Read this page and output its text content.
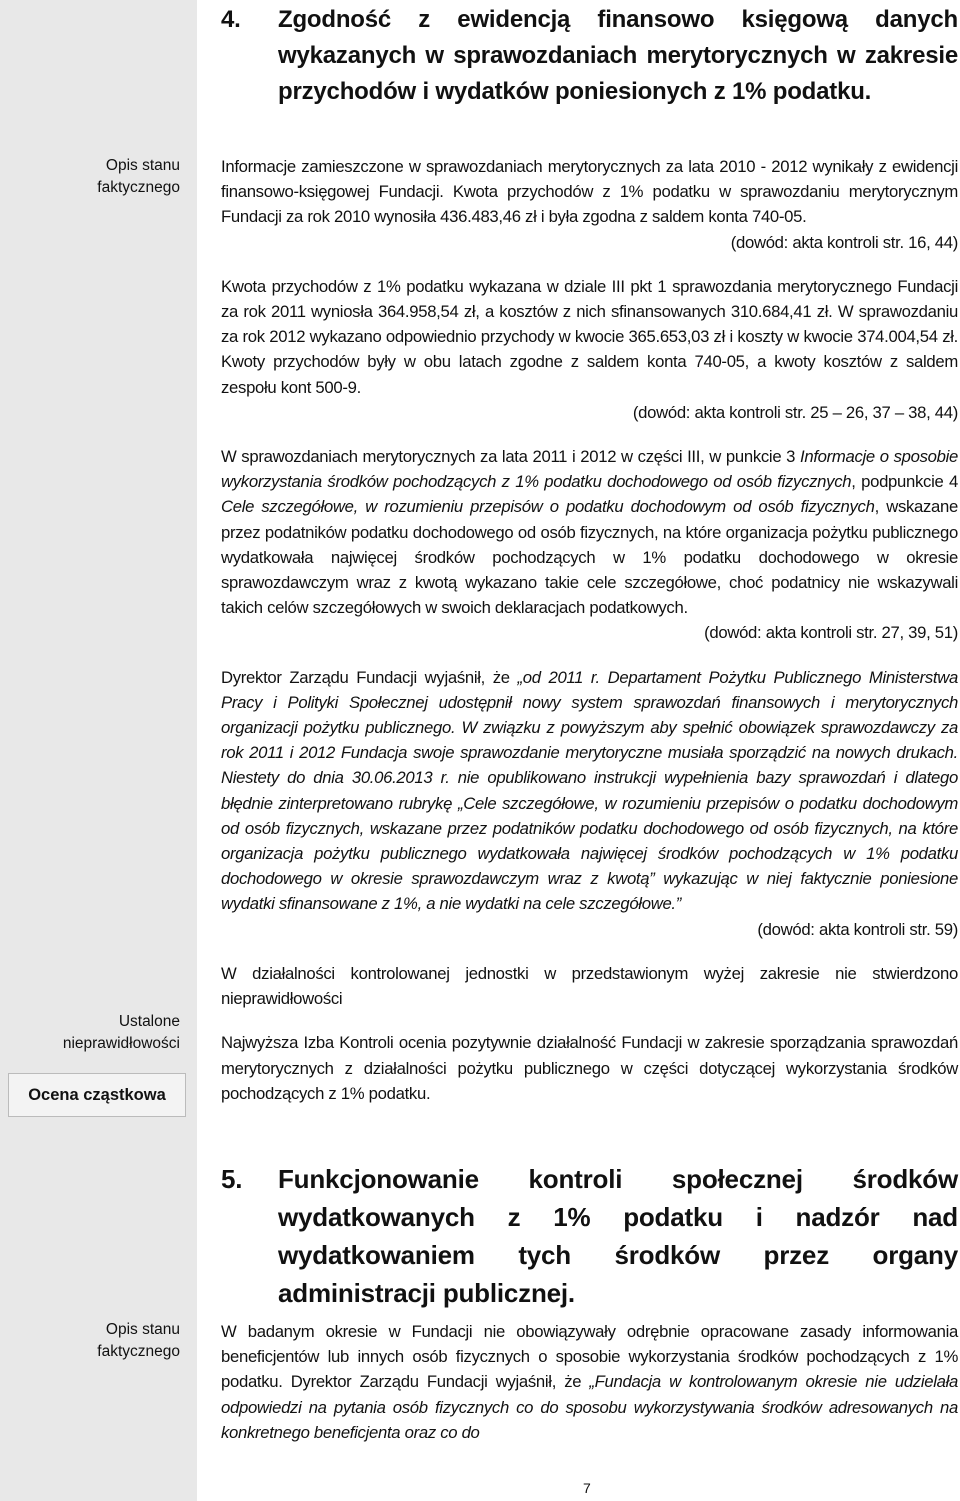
Opis stanu
faktycznego
Ustalone
nieprawidłowości
Ocena cząstkowa
Opis stanu
faktycznego
4. Zgodność z ewidencją finansowo księgową danych wykazanych w sprawozdaniach merytorycznych w zakresie przychodów i wydatków poniesionych z 1% podatku.

Informacje zamieszczone w sprawozdaniach merytorycznych za lata 2010 - 2012 wynikały z ewidencji finansowo-księgowej Fundacji. Kwota przychodów z 1% podatku w sprawozdaniu merytorycznym Fundacji za rok 2010 wynosiła 436.483,46 zł i była zgodna z saldem konta 740-05.

(dowód: akta kontroli str. 16, 44)

Kwota przychodów z 1% podatku wykazana w dziale III pkt 1 sprawozdania merytorycznego Fundacji za rok 2011 wyniosła 364.958,54 zł, a kosztów z nich sfinansowanych 310.684,41 zł. W sprawozdaniu za rok 2012 wykazano odpowiednio przychody w kwocie 365.653,03 zł i koszty w kwocie 374.004,54 zł. Kwoty przychodów były w obu latach zgodne z saldem konta 740-05, a kwoty kosztów z saldem zespołu kont 500-9.

(dowód: akta kontroli str. 25 – 26, 37 – 38, 44)

W sprawozdaniach merytorycznych za lata 2011 i 2012 w części III, w punkcie 3 Informacje o sposobie wykorzystania środków pochodzących z 1% podatku dochodowego od osób fizycznych, podpunkcie 4 Cele szczegółowe, w rozumieniu przepisów o podatku dochodowym od osób fizycznych, wskazane przez podatników podatku dochodowego od osób fizycznych, na które organizacja pożytku publicznego wydatkowała najwięcej środków pochodzących w 1% podatku dochodowego w okresie sprawozdawczym wraz z kwotą wykazano takie cele szczegółowe, choć podatnicy nie wskazywali takich celów szczegółowych w swoich deklaracjach podatkowych.

(dowód: akta kontroli str. 27, 39, 51)

Dyrektor Zarządu Fundacji wyjaśnił, że „od 2011 r. Departament Pożytku Publicznego Ministerstwa Pracy i Polityki Społecznej udostępnił nowy system sprawozdań finansowych i merytorycznych organizacji pożytku publicznego. W związku z powyższym aby spełnić obowiązek sprawozdawczy za rok 2011 i 2012 Fundacja swoje sprawozdanie merytoryczne musiała sporządzić na nowych drukach. Niestety do dnia 30.06.2013 r. nie opublikowano instrukcji wypełnienia bazy sprawozdań i dlatego błędnie zinterpretowano rubrykę „Cele szczegółowe, w rozumieniu przepisów o podatku dochodowym od osób fizycznych, wskazane przez podatników podatku dochodowego od osób fizycznych, na które organizacja pożytku publicznego wydatkowała najwięcej środków pochodzących w 1% podatku dochodowego w okresie sprawozdawczym wraz z kwotą” wykazując w niej faktycznie poniesione wydatki sfinansowane z 1%, a nie wydatki na cele szczegółowe.”

(dowód: akta kontroli str. 59)

W działalności kontrolowanej jednostki w przedstawionym wyżej zakresie nie stwierdzono nieprawidłowości

Najwyższa Izba Kontroli ocenia pozytywnie działalność Fundacji w zakresie sporządzania sprawozdań merytorycznych z działalności pożytku publicznego w części dotyczącej wykorzystania środków pochodzących z 1% podatku.

5. Funkcjonowanie kontroli społecznej środków wydatkowanych z 1% podatku i nadzór nad wydatkowaniem tych środków przez organy administracji publicznej.

W badanym okresie w Fundacji nie obowiązywały odrębnie opracowane zasady informowania beneficjentów lub innych osób fizycznych o sposobie wykorzystania środków pochodzących z 1% podatku. Dyrektor Zarządu Fundacji wyjaśnił, że „Fundacja w kontrolowanym okresie nie udzielała odpowiedzi na pytania osób fizycznych co do sposobu wykorzystywania środków adresowanych na konkretnego beneficjenta oraz co do

7
